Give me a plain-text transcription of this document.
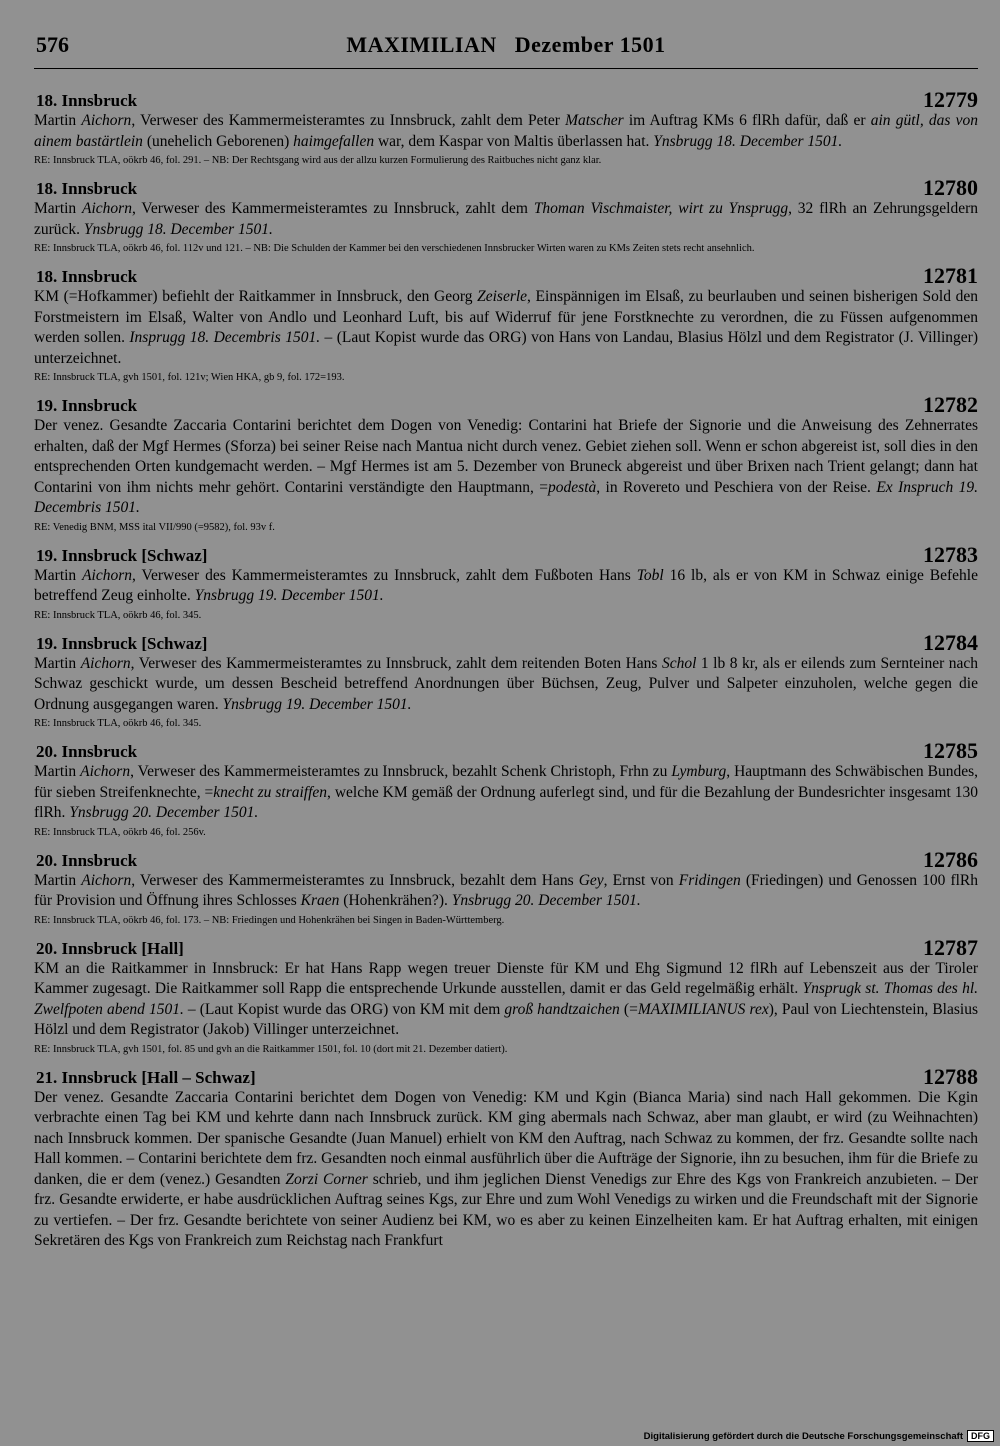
576	MAXIMILIAN   Dezember 1501
18. Innsbruck	12779
Martin Aichorn, Verweser des Kammermeisteramtes zu Innsbruck, zahlt dem Peter Matscher im Auftrag KMs 6 flRh dafür, daß er ain gütl, das von ainem bastärtlein (unehelich Geborenen) haimgefallen war, dem Kaspar von Maltis überlassen hat. Ynsbrugg 18. December 1501.
RE: Innsbruck TLA, oökrb 46, fol. 291. – NB: Der Rechtsgang wird aus der allzu kurzen Formulierung des Raitbuches nicht ganz klar.
18. Innsbruck	12780
Martin Aichorn, Verweser des Kammermeisteramtes zu Innsbruck, zahlt dem Thoman Vischmaister, wirt zu Ynsprugg, 32 flRh an Zehrungsgeldern zurück. Ynsbrugg 18. December 1501.
RE: Innsbruck TLA, oökrb 46, fol. 112v und 121. – NB: Die Schulden der Kammer bei den verschiedenen Innsbrucker Wirten waren zu KMs Zeiten stets recht ansehnlich.
18. Innsbruck	12781
KM (=Hofkammer) befiehlt der Raitkammer in Innsbruck, den Georg Zeiserle, Einspännigen im Elsaß, zu beurlauben und seinen bisherigen Sold den Forstmeistern im Elsaß, Walter von Andlo und Leonhard Luft, bis auf Widerruf für jene Forstknechte zu verordnen, die zu Füssen aufgenommen werden sollen. Insprugg 18. Decembris 1501. – (Laut Kopist wurde das ORG) von Hans von Landau, Blasius Hölzl und dem Registrator (J. Villinger) unterzeichnet.
RE: Innsbruck TLA, gvh 1501, fol. 121v; Wien HKA, gb 9, fol. 172=193.
19. Innsbruck	12782
Der venez. Gesandte Zaccaria Contarini berichtet dem Dogen von Venedig: Contarini hat Briefe der Signorie und die Anweisung des Zehnerrates erhalten, daß der Mgf Hermes (Sforza) bei seiner Reise nach Mantua nicht durch venez. Gebiet ziehen soll. Wenn er schon abgereist ist, soll dies in den entsprechenden Orten kundgemacht werden. – Mgf Hermes ist am 5. Dezember von Bruneck abgereist und über Brixen nach Trient gelangt; dann hat Contarini von ihm nichts mehr gehört. Contarini verständigte den Hauptmann, =podestà, in Rovereto und Peschiera von der Reise. Ex Inspruch 19. Decembris 1501.
RE: Venedig BNM, MSS ital VII/990 (=9582), fol. 93v f.
19. Innsbruck [Schwaz]	12783
Martin Aichorn, Verweser des Kammermeisteramtes zu Innsbruck, zahlt dem Fußboten Hans Tobl 16 lb, als er von KM in Schwaz einige Befehle betreffend Zeug einholte. Ynsbrugg 19. December 1501.
RE: Innsbruck TLA, oökrb 46, fol. 345.
19. Innsbruck [Schwaz]	12784
Martin Aichorn, Verweser des Kammermeisteramtes zu Innsbruck, zahlt dem reitenden Boten Hans Schol 1 lb 8 kr, als er eilends zum Serntеiner nach Schwaz geschickt wurde, um dessen Bescheid betreffend Anordnungen über Büchsen, Zeug, Pulver und Salpeter einzuholen, welche gegen die Ordnung ausgegangen waren. Ynsbrugg 19. December 1501.
RE: Innsbruck TLA, oökrb 46, fol. 345.
20. Innsbruck	12785
Martin Aichorn, Verweser des Kammermeisteramtes zu Innsbruck, bezahlt Schenk Christoph, Frhn zu Lymburg, Hauptmann des Schwäbischen Bundes, für sieben Streifenknechte, =knecht zu straiffen, welche KM gemäß der Ordnung auferlegt sind, und für die Bezahlung der Bundesrichter insgesamt 130 flRh. Ynsbrugg 20. December 1501.
RE: Innsbruck TLA, oökrb 46, fol. 256v.
20. Innsbruck	12786
Martin Aichorn, Verweser des Kammermeisteramtes zu Innsbruck, bezahlt dem Hans Gey, Ernst von Fridingen (Friedingen) und Genossen 100 flRh für Provision und Öffnung ihres Schlosses Kraen (Hohenkrähen?). Ynsbrugg 20. December 1501.
RE: Innsbruck TLA, oökrb 46, fol. 173. – NB: Friedingen und Hohenkrähen bei Singen in Baden-Württemberg.
20. Innsbruck [Hall]	12787
KM an die Raitkammer in Innsbruck: Er hat Hans Rapp wegen treuer Dienste für KM und Ehg Sigmund 12 flRh auf Lebenszeit aus der Tiroler Kammer zugesagt. Die Raitkammer soll Rapp die entsprechende Urkunde ausstellen, damit er das Geld regelmäßig erhält. Ynsprugk st. Thomas des hl. Zwelfpoten abend 1501. – (Laut Kopist wurde das ORG) von KM mit dem groß handtzaichen (=MAXIMILIANUS rex), Paul von Liechtenstein, Blasius Hölzl und dem Registrator (Jakob) Villinger unterzeichnet.
RE: Innsbruck TLA, gvh 1501, fol. 85 und gvh an die Raitkammer 1501, fol. 10 (dort mit 21. Dezember datiert).
21. Innsbruck [Hall – Schwaz]	12788
Der venez. Gesandte Zaccaria Contarini berichtet dem Dogen von Venedig: KM und Kgin (Bianca Maria) sind nach Hall gekommen. Die Kgin verbrachte einen Tag bei KM und kehrte dann nach Innsbruck zurück. KM ging abermals nach Schwaz, aber man glaubt, er wird (zu Weihnachten) nach Innsbruck kommen. Der spanische Gesandte (Juan Manuel) erhielt von KM den Auftrag, nach Schwaz zu kommen, der frz. Gesandte sollte nach Hall kommen. – Contarini berichtete dem frz. Gesandten noch einmal ausführlich über die Aufträge der Signorie, ihn zu besuchen, ihm für die Briefe zu danken, die er dem (venez.) Gesandten Zorzi Corner schrieb, und ihm jeglichen Dienst Venedigs zur Ehre des Kgs von Frankreich anzubieten. – Der frz. Gesandte erwiderte, er habe ausdrücklichen Auftrag seines Kgs, zur Ehre und zum Wohl Venedigs zu wirken und die Freundschaft mit der Signorie zu vertiefen. – Der frz. Gesandte berichtete von seiner Audienz bei KM, wo es aber zu keinen Einzelheiten kam. Er hat Auftrag erhalten, mit einigen Sekretären des Kgs von Frankreich zum Reichstag nach Frankfurt
Digitalisierung gefördert durch die Deutsche Forschungsgemeinschaft DFG
